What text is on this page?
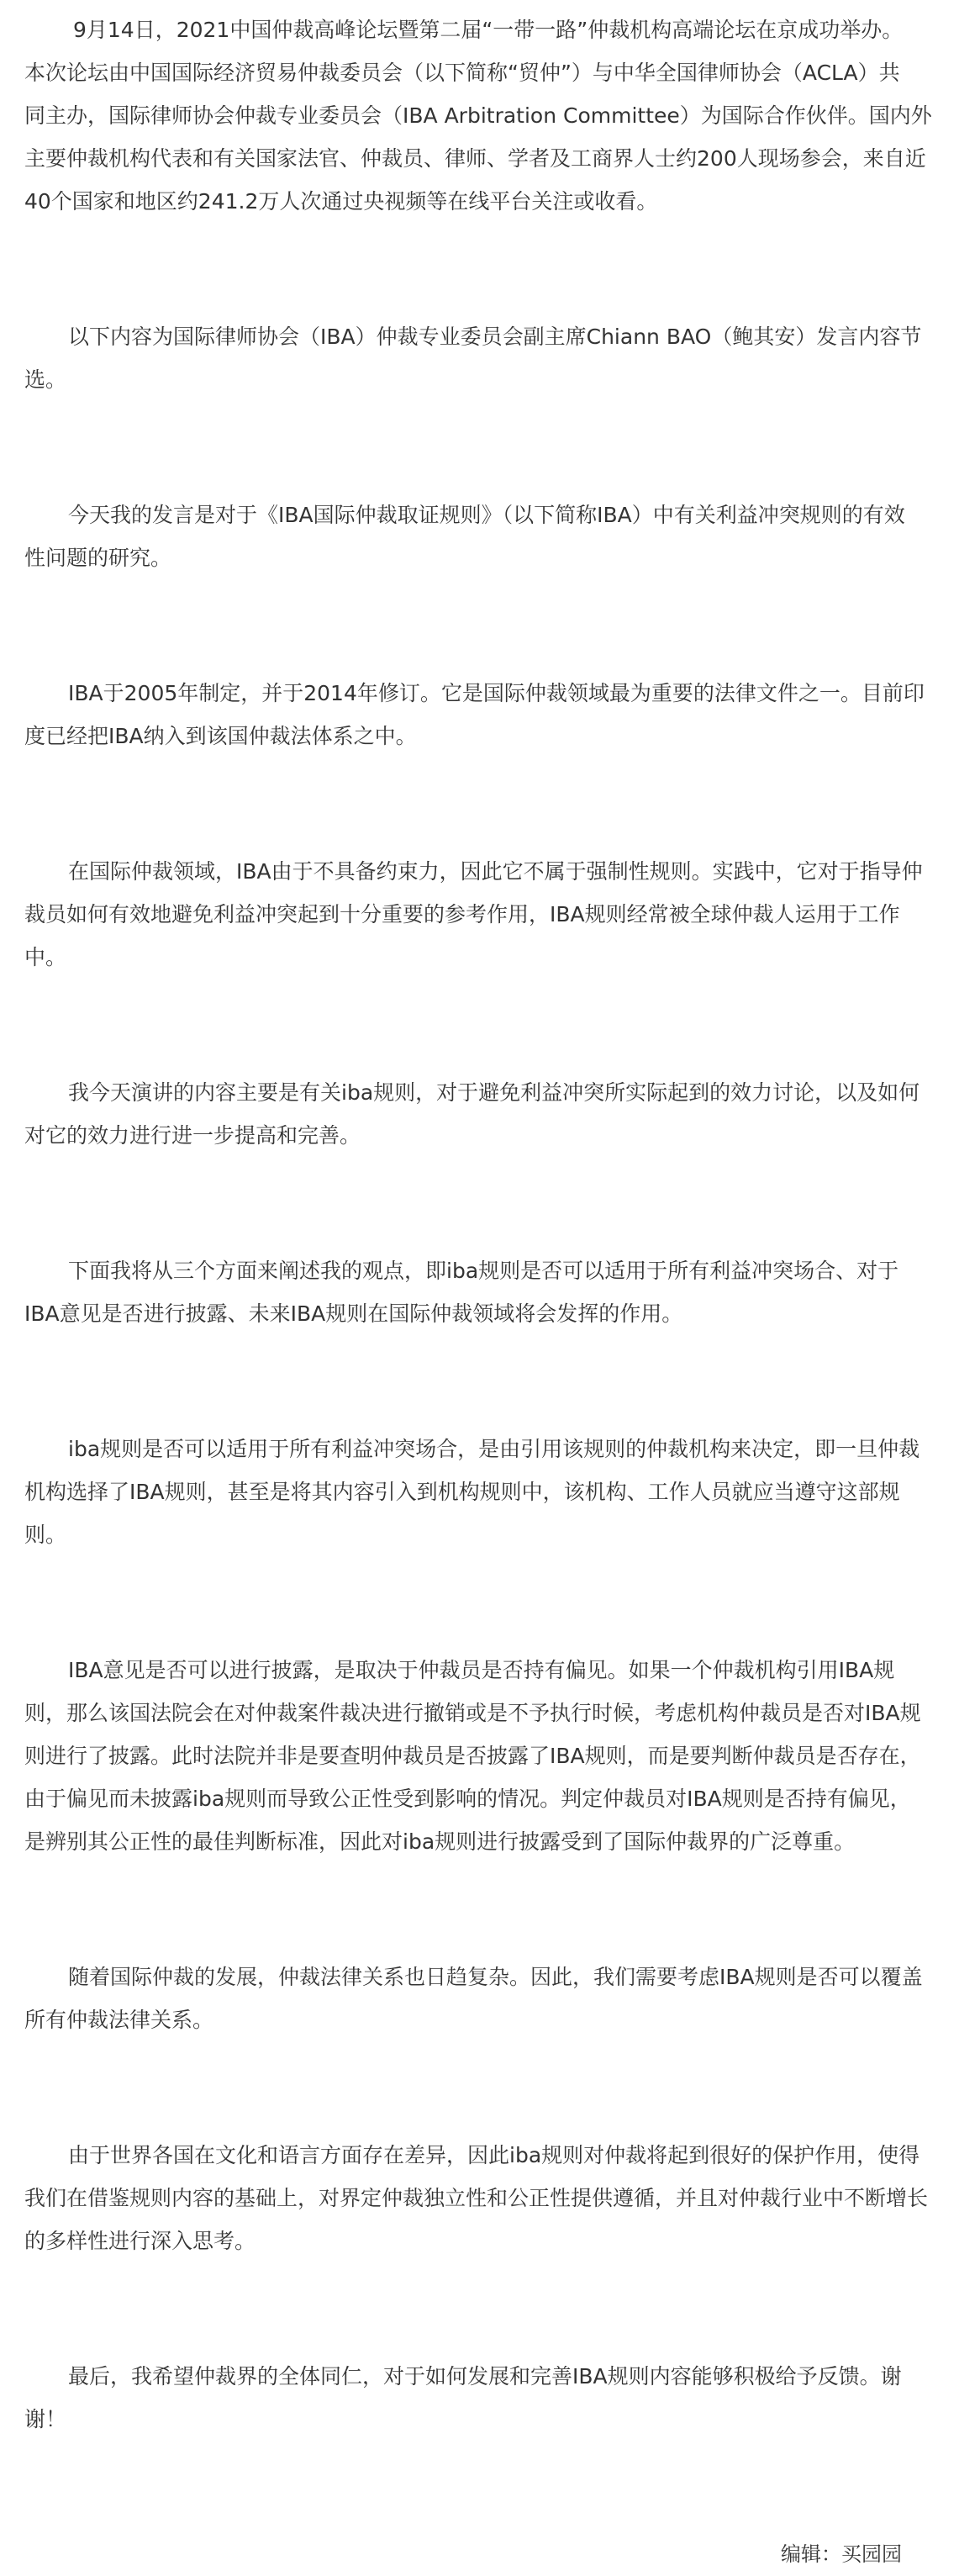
9月14日，2021中国仲裁高峰论坛暨第二届“一带一路”仲裁机构高端论坛在京成功举办。
本次论坛由中国国际经济贸易仲裁委员会（以下简称“贸仲”）与中华全国律师协会（ACLA）共
同主办，国际律师协会仲裁专业委员会（IBA Arbitration Committee）为国际合作伙伴。国内外
主要仲裁机构代表和有关国家法官、仲裁员、律师、学者及工商界人士约200人现场参会，来自近
40个国家和地区约241.2万人次通过央视频等在线平台关注或收看。

以下内容为国际律师协会（IBA）仲裁专业委员会副主席Chiann BAO（鲍其安）发言内容节
选。

今天我的发言是对于《IBA国际仲裁取证规则》（以下简称IBA）中有关利益冲突规则的有效
性问题的研究。

IBA于2005年制定，并于2014年修订。它是国际仲裁领域最为重要的法律文件之一。目前印
度已经把IBA纳入到该国仲裁法体系之中。

在国际仲裁领域，IBA由于不具备约束力，因此它不属于强制性规则。实践中，它对于指导仲
裁员如何有效地避免利益冲突起到十分重要的参考作用，IBA规则经常被全球仲裁人运用于工作
中。

我今天演讲的内容主要是有关iba规则，对于避免利益冲突所实际起到的效力讨论，以及如何
对它的效力进行进一步提高和完善。

下面我将从三个方面来阐述我的观点，即iba规则是否可以适用于所有利益冲突场合、对于
IBA意见是否进行披露、未来IBA规则在国际仲裁领域将会发挥的作用。

iba规则是否可以适用于所有利益冲突场合，是由引用该规则的仲裁机构来决定，即一旦仲裁
机构选择了IBA规则，甚至是将其内容引入到机构规则中，该机构、工作人员就应当遵守这部规
则。

IBA意见是否可以进行披露，是取决于仲裁员是否持有偏见。如果一个仲裁机构引用IBA规
则，那么该国法院会在对仲裁案件裁决进行撤销或是不予执行时候，考虑机构仲裁员是否对IBA规
则进行了披露。此时法院并非是要查明仲裁员是否披露了IBA规则，而是要判断仲裁员是否存在，
由于偏见而未披露iba规则而导致公正性受到影响的情况。判定仲裁员对IBA规则是否持有偏见，
是辨别其公正性的最佳判断标准，因此对iba规则进行披露受到了国际仲裁界的广泛尊重。

随着国际仲裁的发展，仲裁法律关系也日趋复杂。因此，我们需要考虑IBA规则是否可以覆盖
所有仲裁法律关系。

由于世界各国在文化和语言方面存在差异，因此iba规则对仲裁将起到很好的保护作用，使得
我们在借鉴规则内容的基础上，对界定仲裁独立性和公正性提供遵循，并且对仲裁行业中不断增长
的多样性进行深入思考。

最后，我希望仲裁界的全体同仁，对于如何发展和完善IBA规则内容能够积极给予反馈。谢
谢！

编辑：买园园
